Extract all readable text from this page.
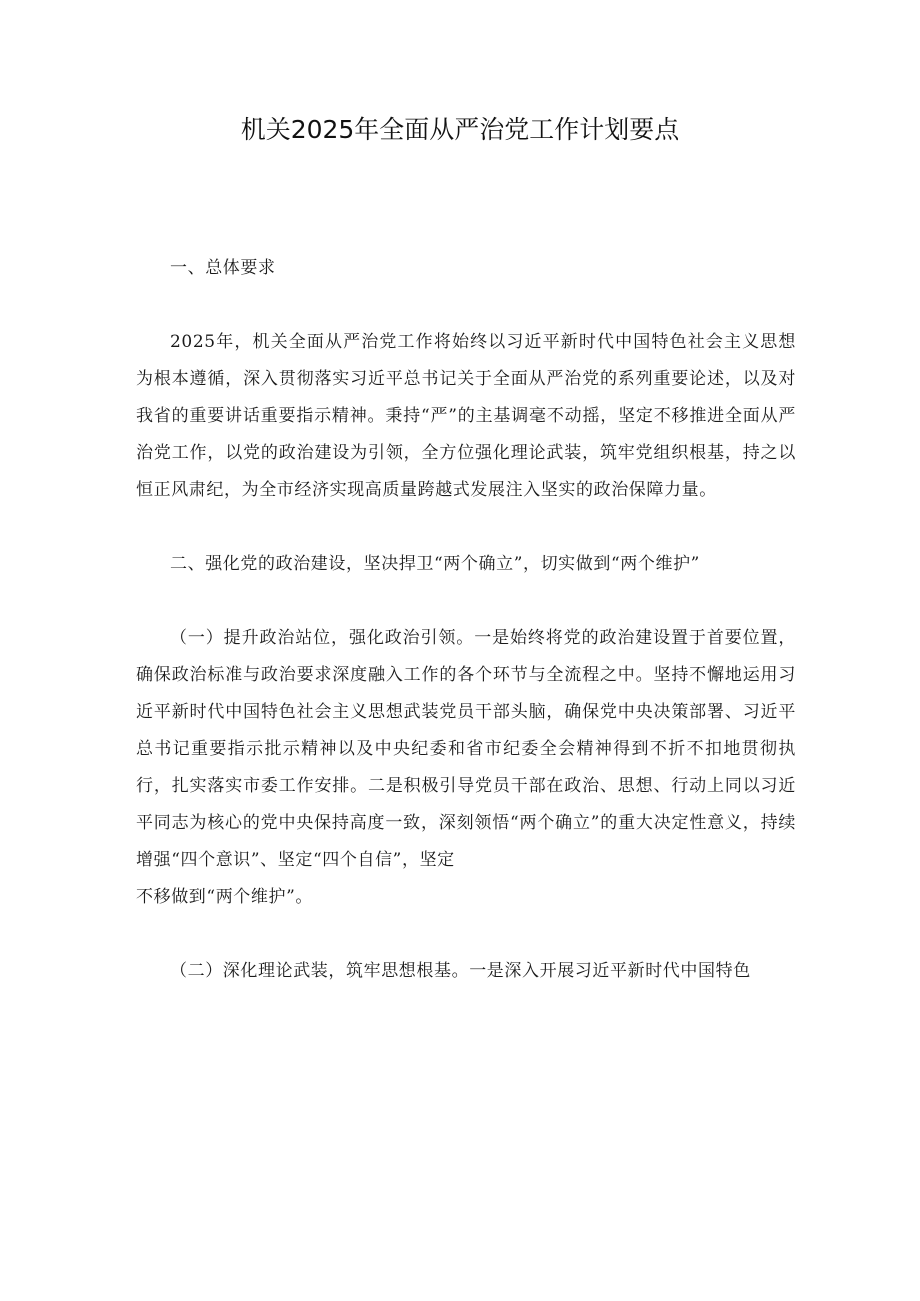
机关2025年全面从严治党工作计划要点

一、总体要求

2025年，机关全面从严治党工作将始终以习近平新时代中国特色社会主义思想为根本遵循，深入贯彻落实习近平总书记关于全面从严治党的系列重要论述，以及对我省的重要讲话重要指示精神。秉持“严”的主基调毫不动摇，坚定不移推进全面从严治党工作，以党的政治建设为引领，全方位强化理论武装，筑牢党组织根基，持之以恒正风肃纪，为全市经济实现高质量跨越式发展注入坚实的政治保障力量。

二、强化党的政治建设，坚决捍卫“两个确立”，切实做到“两个维护”

（一）提升政治站位，强化政治引领。一是始终将党的政治建设置于首要位置，确保政治标准与政治要求深度融入工作的各个环节与全流程之中。坚持不懈地运用习近平新时代中国特色社会主义思想武装党员干部头脑，确保党中央决策部署、习近平总书记重要指示批示精神以及中央纪委和省市纪委全会精神得到不折不扣地贯彻执行，扎实落实市委工作安排。二是积极引导党员干部在政治、思想、行动上同以习近平同志为核心的党中央保持高度一致，深刻领悟“两个确立”的重大决定性意义，持续增强“四个意识”、坚定“四个自信”，坚定

不移做到“两个维护”。

（二）深化理论武装，筑牢思想根基。一是深入开展习近平新时代中国特色
